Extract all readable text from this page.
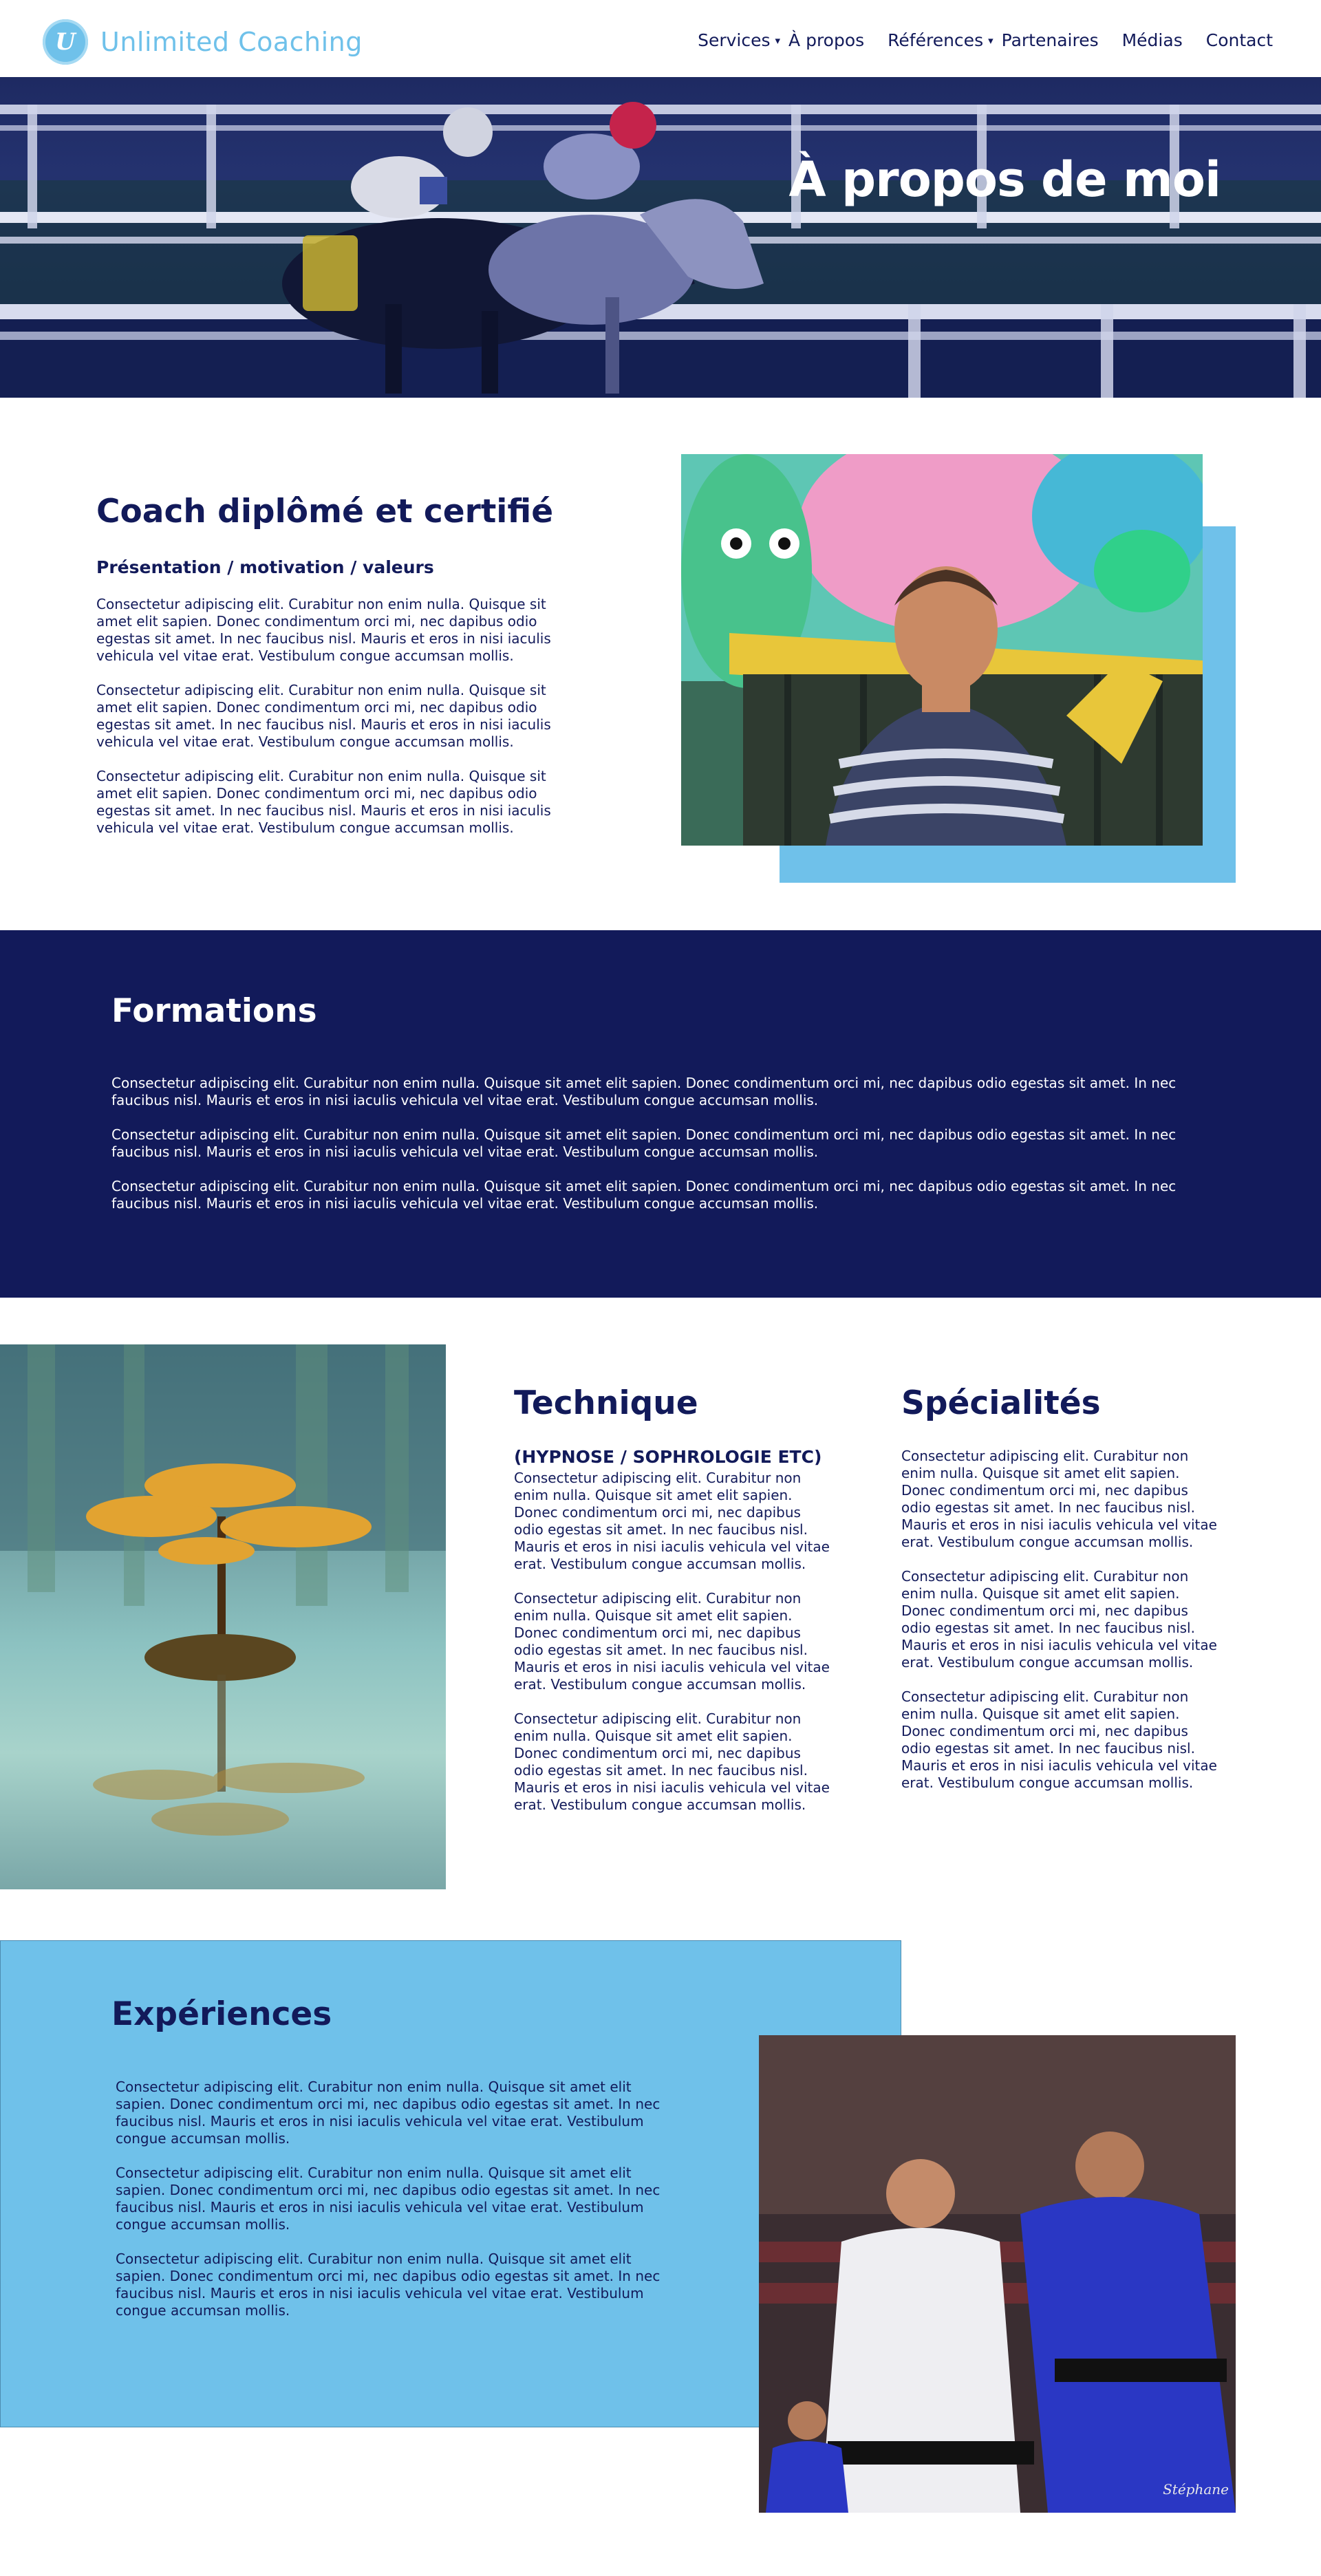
U Unlimited Coaching	Services ▾ À propos Références ▾ Partenaires Médias Contact
À propos de moi
Coach diplômé et certifié
Présentation / motivation / valeurs

Consectetur adipiscing elit. Curabitur non enim nulla. Quisque sit amet elit sapien. Donec condimentum orci mi, nec dapibus odio egestas sit amet. In nec faucibus nisl. Mauris et eros in nisi iaculis vehicula vel vitae erat. Vestibulum congue accumsan mollis.

Consectetur adipiscing elit. Curabitur non enim nulla. Quisque sit amet elit sapien. Donec condimentum orci mi, nec dapibus odio egestas sit amet. In nec faucibus nisl. Mauris et eros in nisi iaculis vehicula vel vitae erat. Vestibulum congue accumsan mollis.

Consectetur adipiscing elit. Curabitur non enim nulla. Quisque sit amet elit sapien. Donec condimentum orci mi, nec dapibus odio egestas sit amet. In nec faucibus nisl. Mauris et eros in nisi iaculis vehicula vel vitae erat. Vestibulum congue accumsan mollis.

Formations

Consectetur adipiscing elit. Curabitur non enim nulla. Quisque sit amet elit sapien. Donec condimentum orci mi, nec dapibus odio egestas sit amet. In nec faucibus nisl. Mauris et eros in nisi iaculis vehicula vel vitae erat. Vestibulum congue accumsan mollis.

Consectetur adipiscing elit. Curabitur non enim nulla. Quisque sit amet elit sapien. Donec condimentum orci mi, nec dapibus odio egestas sit amet. In nec faucibus nisl. Mauris et eros in nisi iaculis vehicula vel vitae erat. Vestibulum congue accumsan mollis.

Consectetur adipiscing elit. Curabitur non enim nulla. Quisque sit amet elit sapien. Donec condimentum orci mi, nec dapibus odio egestas sit amet. In nec faucibus nisl. Mauris et eros in nisi iaculis vehicula vel vitae erat. Vestibulum congue accumsan mollis.

Technique
(HYPNOSE / SOPHROLOGIE ETC)

Consectetur adipiscing elit. Curabitur non enim nulla. Quisque sit amet elit sapien. Donec condimentum orci mi, nec dapibus odio egestas sit amet. In nec faucibus nisl. Mauris et eros in nisi iaculis vehicula vel vitae erat. Vestibulum congue accumsan mollis.

Consectetur adipiscing elit. Curabitur non enim nulla. Quisque sit amet elit sapien. Donec condimentum orci mi, nec dapibus odio egestas sit amet. In nec faucibus nisl. Mauris et eros in nisi iaculis vehicula vel vitae erat. Vestibulum congue accumsan mollis.

Consectetur adipiscing elit. Curabitur non enim nulla. Quisque sit amet elit sapien. Donec condimentum orci mi, nec dapibus odio egestas sit amet. In nec faucibus nisl. Mauris et eros in nisi iaculis vehicula vel vitae erat. Vestibulum congue accumsan mollis.

Spécialités

Consectetur adipiscing elit. Curabitur non enim nulla. Quisque sit amet elit sapien. Donec condimentum orci mi, nec dapibus odio egestas sit amet. In nec faucibus nisl. Mauris et eros in nisi iaculis vehicula vel vitae erat. Vestibulum congue accumsan mollis.

Consectetur adipiscing elit. Curabitur non enim nulla. Quisque sit amet elit sapien. Donec condimentum orci mi, nec dapibus odio egestas sit amet. In nec faucibus nisl. Mauris et eros in nisi iaculis vehicula vel vitae erat. Vestibulum congue accumsan mollis.

Consectetur adipiscing elit. Curabitur non enim nulla. Quisque sit amet elit sapien. Donec condimentum orci mi, nec dapibus odio egestas sit amet. In nec faucibus nisl. Mauris et eros in nisi iaculis vehicula vel vitae erat. Vestibulum congue accumsan mollis.

Expériences

Consectetur adipiscing elit. Curabitur non enim nulla. Quisque sit amet elit sapien. Donec condimentum orci mi, nec dapibus odio egestas sit amet. In nec faucibus nisl. Mauris et eros in nisi iaculis vehicula vel vitae erat. Vestibulum congue accumsan mollis.

Consectetur adipiscing elit. Curabitur non enim nulla. Quisque sit amet elit sapien. Donec condimentum orci mi, nec dapibus odio egestas sit amet. In nec faucibus nisl. Mauris et eros in nisi iaculis vehicula vel vitae erat. Vestibulum congue accumsan mollis.

Consectetur adipiscing elit. Curabitur non enim nulla. Quisque sit amet elit sapien. Donec condimentum orci mi, nec dapibus odio egestas sit amet. In nec faucibus nisl. Mauris et eros in nisi iaculis vehicula vel vitae erat. Vestibulum congue accumsan mollis.

Stéphane
